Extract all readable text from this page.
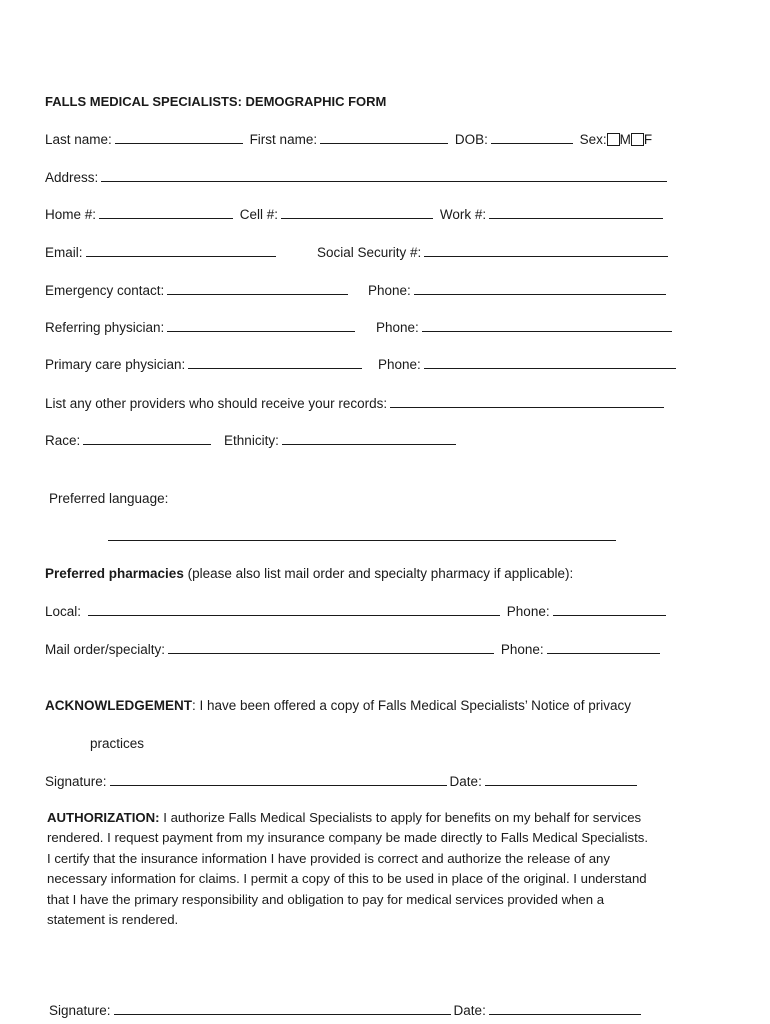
FALLS MEDICAL SPECIALISTS: DEMOGRAPHIC FORM
Last name:	First name:	DOB:	Sex: M F
Address:
Home #:	Cell #:	Work #:
Email:	Social Security #:
Emergency contact:	Phone:
Referring physician:	Phone:
Primary care physician:	Phone:
List any other providers who should receive your records:
Race:	Ethnicity:
Preferred language:
Preferred pharmacies (please also list mail order and specialty pharmacy if applicable):
Local:	Phone:
Mail order/specialty:	Phone:
ACKNOWLEDGEMENT: I have been offered a copy of Falls Medical Specialists’ Notice of privacy
practices
Signature:	Date:
AUTHORIZATION: I authorize Falls Medical Specialists to apply for benefits on my behalf for services
rendered. I request payment from my insurance company be made directly to Falls Medical Specialists.
I certify that the insurance information I have provided is correct and authorize the release of any
necessary information for claims. I permit a copy of this to be used in place of the original. I understand
that I have the primary responsibility and obligation to pay for medical services provided when a
statement is rendered.
Signature:	Date:
